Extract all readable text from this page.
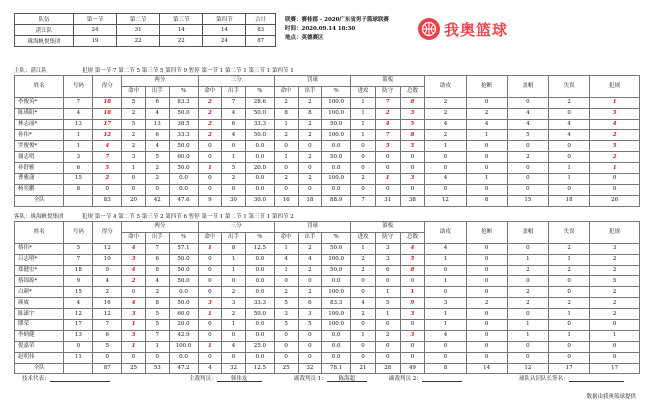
队伍	第一节	第二节	第三节	第四节	合计
湛江队	24	31	14	14	83
珠海帆悦集团	19	22	22	24	87
联赛：赛桂郡 - 2020广东省男子篮球联赛
时间：2020.09.14 18:30
地点：英德赛区	我奥篮球
主队：湛江队	犯规 第一节 7 第二节 5 第三节 5 第四节 9 暂停 第一节 1 第二节 1 第三节 1 第四节 1
姓名	号码	得分	两分			三分			罚球			篮板			助攻	抢断	盖帽	失误	犯规
			命中	出手	%	命中	出手	%	命中	出手	%	进攻	防守	总数					
李俊英*	7	18	5	6	83.3	2	7	28.6	2	2	100.0	1	7	8	2	0	0	2	1
陈瑾阳*	4	18	2	4	50.0	2	4	50.0	8	8	100.0	1	2	3	2	2	4	0	5
林志丽*	13	17	5	13	38.5	2	6	33.3	1	2	50.0	1	4	5	4	4	4	4	4
孙伟*	1	12	2	6	33.3	2	4	50.0	2	2	100.0	1	7	8	2	1	5	4	2
罗俊俊*	1	4	2	4	50.0	0	0	0.0	0	0	0.0	0	5	5	1	0	0	0	5
谢志明	3	7	3	5	60.0	0	1	0.0	1	2	50.0	0	0	0	0	0	2	0	2
孙舒雅	6	5	1	2	50.0	1	5	20.0	0	0	0.0	0	0	0	0	0	0	1	1
曹雅潇	15	2	0	2	0.0	0	2	0.0	2	2	100.0	2	1	3	4	1	0	1	0
杨奕鹏	8	0	0	0	0.0	0	0	0.0	0	0	0.0	0	0	0	0	0	0	0	0
全队		83	20	42	47.6	9	30	30.0	16	18	88.9	7	31	38	12	8	15	18	26
客队：珠海帆悦集团	犯规 第一节 4 第二节 5 第三节 2 第四节 6 暂停 第一节 1 第二节 1 第三节 1 第四节 2
姓名	号码	得分	两分			三分			罚球			篮板			助攻	抢断	盖帽	失误	犯规
			命中	出手	%	命中	出手	%	命中	出手	%	进攻	防守	总数					
蔡伟*	5	12	4	7	57.1	1	8	12.5	1	2	50.0	1	3	4	4	0	0	2	3
吕志明*	7	10	3	6	50.0	0	1	0.0	4	4	100.0	2	3	5	1	0	1	1	2
郑健宏*	18	9	4	8	50.0	0	1	0.0	1	2	50.0	2	6	8	0	0	2	2	2
蔡锦源*	9	4	2	4	50.0	0	0	0.0	0	0	0.0	0	0	0	1	0	0	0	5
白颜*	15	2	0	2	0.0	0	2	0.0	2	2	100.0	0	1	1	0	0	2	0	2
颜威	4	16	4	8	50.0	3	3	33.3	5	6	83.3	4	5	9	3	2	2	2	2
陈潇宇	12	12	3	5	60.0	1	2	50.0	3	3	100.0	2	1	3	1	0	0	1	2
缪荣	17	7	1	5	20.0	0	1	0.0	5	5	100.0	0	0	0	1	0	1	0	0
李炳健	13	6	3	7	42.9	0	0	0.0	0	0	0.0	1	2	3	4	0	1	1	1
倪嘉荣	0	5	1	1	100.0	1	4	25.0	0	0	0.0	0	0	0	0	0	0	0	0
赵明伟	11	0	0	0	0.0	0	0	0.0	0	0	0.0	0	0	0	0	0	0	0	0
全队		87	25	53	47.2	4	32	12.5	25	32	78.1	21	28	49	8	14	12	17	17
技术代表：	主裁判员：	韩伟龙	副裁判员 1：	陈海超	副裁判员 2：	球队认识队长签名：
数据由我奥篮球提供
